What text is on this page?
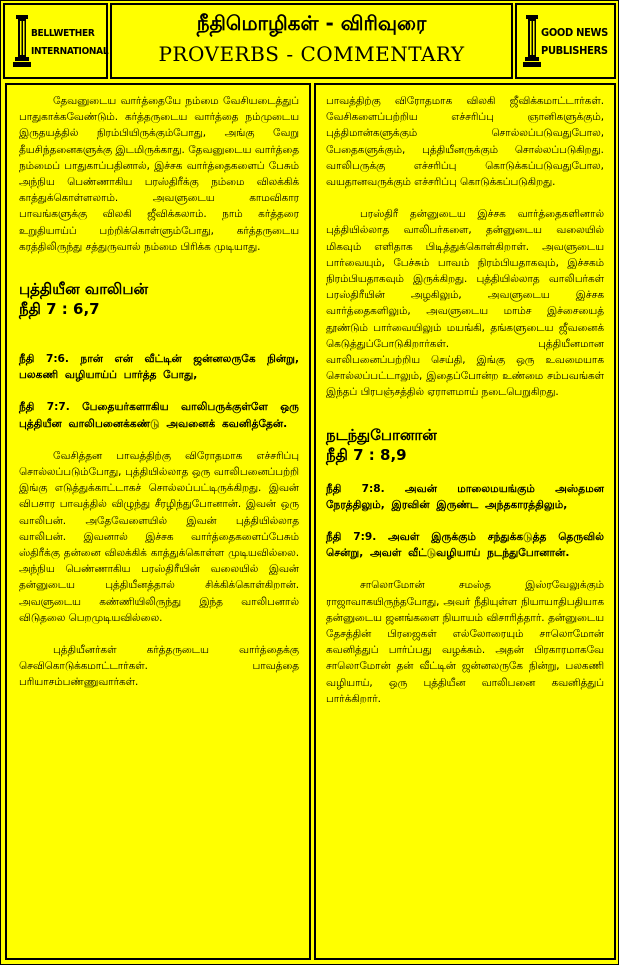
BELLWETHER
INTERNATIONAL
நீதிமொழிகள் - விரிவுரை
PROVERBS - COMMENTARY
GOOD NEWS
PUBLISHERS

தேவனுடைய வார்த்தையே நம்மை வேசியடைத்துப் பாதுகாக்கவேண்டும். கர்த்தருடைய வார்த்தை நம்முடைய இருதயத்தில் நிரம்பியிருக்கும்போது, அங்கு வேறு தீயசிந்தனைகளுக்கு இடமிருக்காது. தேவனுடைய வார்த்தை நம்மைப் பாதுகாப்பதினால், இச்சக வார்த்தைகளைப் பேசும் அந்நிய பெண்ணாகிய பரஸ்திரீக்கு நம்மை விலக்கிக் காத்துக்கொள்ளலாம். அவளுடைய காமவிகார பாவங்களுக்கு விலகி ஜீவிக்கலாம். நாம் கர்த்தரை உறுதியாய்ப் பற்றிக்கொள்ளும்போது, கர்த்தருடைய கரத்திலிருந்து சத்துருவால் நம்மை பிரிக்க முடியாது.

புத்தியீன வாலிபன்
நீதி 7 : 6,7

நீதி 7:6. நான் என் வீட்டின் ஜன்னலருகே நின்று, பலகணி வழியாய்ப் பார்த்த போது,

நீதி 7:7. பேதையர்களாகிய வாலிபருக்குள்ளே ஒரு புத்தியீன வாலிபனைக்கண்டு அவனைக் கவனித்தேன்.

வேசித்தன பாவத்திற்கு விரோதமாக எச்சரிப்பு சொல்லப்படும்போது, புத்தியில்லாத ஒரு வாலிபனைப்பற்றி இங்கு எடுத்துக்காட்டாகச் சொல்லப்பட்டிருக்கிறது. இவன் விபசார பாவத்தில் விழுந்து சீரழிந்துபோனான். இவன் ஒரு வாலிபன். அதேவேளையில் இவன் புத்தியில்லாத வாலிபன். இவனால் இச்சக வார்த்தைகளைப்பேசும் ஸ்திரீக்கு தன்னை விலக்கிக் காத்துக்கொள்ள முடியவில்லை. அந்நிய பெண்ணாகிய பரஸ்திரீயின் வலையில் இவன் தன்னுடைய புத்தியீனத்தால் சிக்கிக்கொள்கிறான். அவளுடைய கண்ணியிலிருந்து இந்த வாலிபனால் விடுதலை பெறமுடியவில்லை.

புத்தியீனர்கள் கர்த்தருடைய வார்த்தைக்கு செவிகொடுக்கமாட்டார்கள். பாவத்தை பரியாசம்பண்ணுவார்கள்.

பாவத்திற்கு விரோதமாக விலகி ஜீவிக்கமாட்டார்கள். வேசிகளைப்பற்றிய எச்சரிப்பு ஞானிகளுக்கும், புத்திமான்களுக்கும் சொல்லப்படுவதுபோல, பேதைகளுக்கும், புத்தியீனருக்கும் சொல்லப்படுகிறது. வாலிபருக்கு எச்சரிப்பு கொடுக்கப்படுவதுபோல, வயதானவருக்கும் எச்சரிப்பு கொடுக்கப்படுகிறது.

பரஸ்திரீ தன்னுடைய இச்சக வார்த்தைகளினால் புத்தியில்லாத வாலிபர்களை, தன்னுடைய வலையில் மிகவும் எளிதாக பிடித்துக்கொள்கிறாள். அவளுடைய பார்வையும், பேச்சும் பாவம் நிரம்பியதாகவும், இச்சகம் நிரம்பியதாகவும் இருக்கிறது. புத்தியில்லாத வாலிபர்கள் பரஸ்திரீயின் அழகிலும், அவளுடைய இச்சக வார்த்தைகளிலும், அவளுடைய மாம்ச இச்சையைத் தூண்டும் பார்வையிலும் மயங்கி, தங்களுடைய ஜீவனைக் கெடுத்துப்போடுகிறார்கள். புத்தியீனமான வாலிபனைப்பற்றிய செய்தி, இங்கு ஒரு உவமையாக சொல்லப்பட்டாலும், இதைப்போன்ற உண்மை சம்பவங்கள் இந்தப் பிரபஞ்சத்தில் ஏராளமாய் நடைபெறுகிறது.

நடந்துபோனான்
நீதி 7 : 8,9

நீதி 7:8. அவன் மாலைமயங்கும் அஸ்தமன நேரத்திலும், இரவின் இருண்ட அந்தகாரத்திலும்,

நீதி 7:9. அவள் இருக்கும் சந்துக்கடுத்த தெருவில் சென்று, அவள் வீட்டுவழியாய் நடந்துபோனான்.

சாலொமோன் சமஸ்த இஸ்ரவேலுக்கும் ராஜாவாகயிருந்தபோது, அவர் நீதியுள்ள நியாயாதிபதியாக தன்னுடைய ஜனங்களை நியாயம் விசாரித்தார். தன்னுடைய தேசத்தின் பிரஜைகள் எல்லோரையும் சாலொமோன் கவனித்துப் பார்ப்பது வழக்கம். அதன் பிரகாரமாகவே சாலொமோன் தன் வீட்டின் ஜன்னலருகே நின்று, பலகணி வழியாய், ஒரு புத்தியீன வாலிபனை கவனித்துப் பார்க்கிறார்.
